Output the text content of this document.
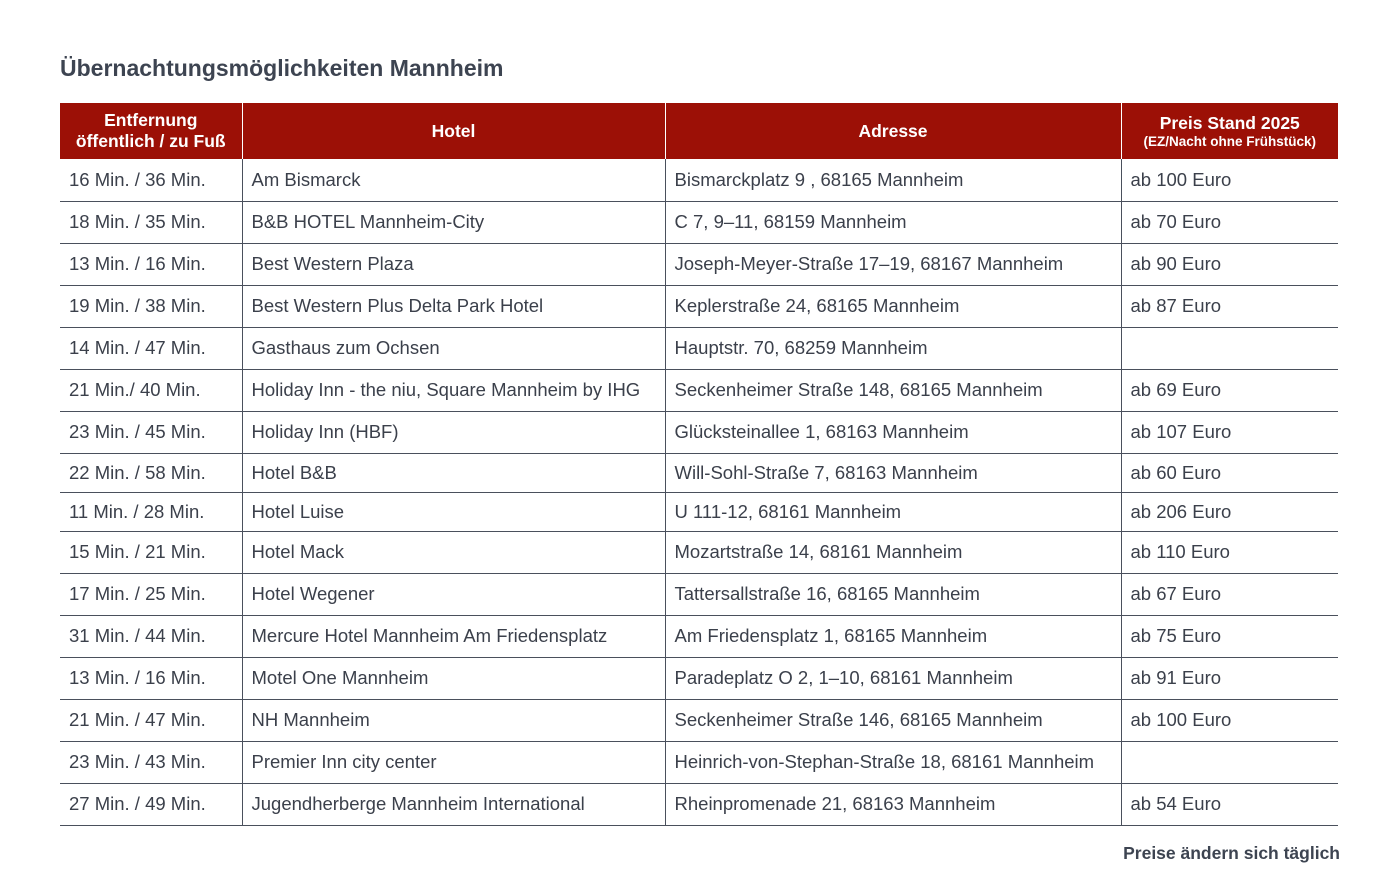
Übernachtungsmöglichkeiten Mannheim
Entfernung
öffentlich / zu Fuß	Hotel	Adresse	Preis Stand 2025
(EZ/Nacht ohne Frühstück)

16 Min. / 36 Min.	Am Bismarck	Bismarckplatz 9 , 68165 Mannheim	ab 100 Euro
18 Min. / 35 Min.	B&B HOTEL Mannheim-City	C 7, 9–11, 68159 Mannheim	ab 70 Euro
13 Min. / 16 Min.	Best Western Plaza	Joseph-Meyer-Straße 17–19, 68167 Mannheim	ab 90 Euro
19 Min. / 38 Min.	Best Western Plus Delta Park Hotel	Keplerstraße 24, 68165 Mannheim	ab 87 Euro
14 Min. / 47 Min.	Gasthaus zum Ochsen	Hauptstr. 70, 68259 Mannheim	
21 Min./ 40 Min.	Holiday Inn - the niu, Square Mannheim by IHG	Seckenheimer Straße 148, 68165 Mannheim	ab 69 Euro
23 Min. / 45 Min.	Holiday Inn (HBF)	Glücksteinallee 1, 68163 Mannheim	ab 107 Euro
22 Min. / 58 Min.	Hotel B&B	Will-Sohl-Straße 7, 68163 Mannheim	ab 60 Euro
11 Min. / 28 Min.	Hotel Luise	U 111-12, 68161 Mannheim	ab 206 Euro
15 Min. / 21 Min.	Hotel Mack	Mozartstraße 14, 68161 Mannheim	ab 110 Euro
17 Min. / 25 Min.	Hotel Wegener	Tattersallstraße 16, 68165 Mannheim	ab 67 Euro
31 Min. / 44 Min.	Mercure Hotel Mannheim Am Friedensplatz	Am Friedensplatz 1, 68165 Mannheim	ab 75 Euro
13 Min. / 16 Min.	Motel One Mannheim	Paradeplatz O 2, 1–10, 68161 Mannheim	ab 91 Euro
21 Min. / 47 Min.	NH Mannheim	Seckenheimer Straße 146, 68165 Mannheim	ab 100 Euro
23 Min. / 43 Min.	Premier Inn city center	Heinrich-von-Stephan-Straße 18, 68161 Mannheim	
27 Min. / 49 Min.	Jugendherberge Mannheim International	Rheinpromenade 21, 68163 Mannheim	ab 54 Euro
Preise ändern sich täglich
